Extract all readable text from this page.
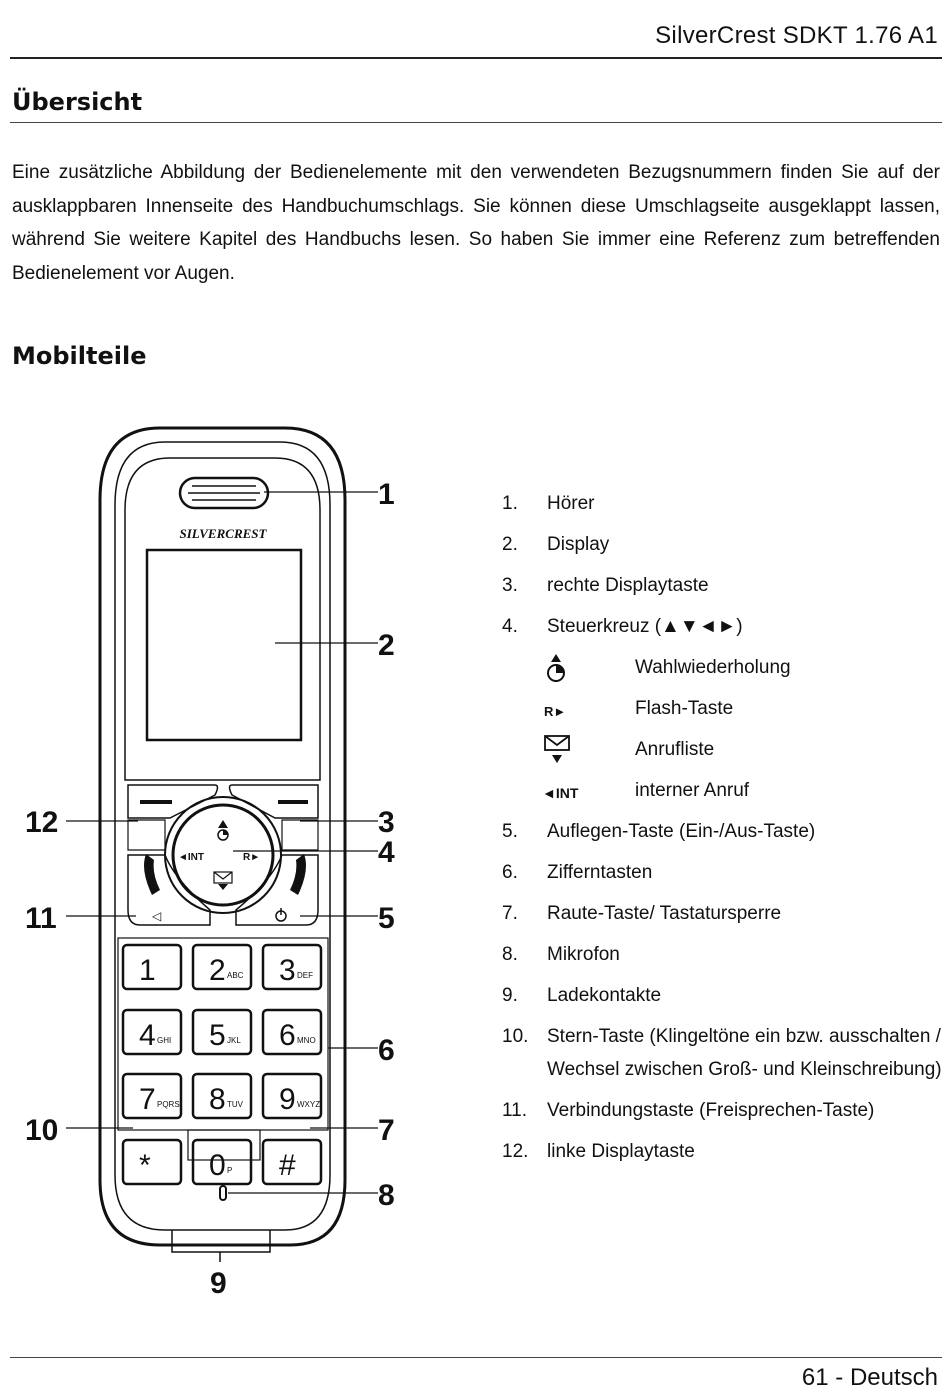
SilverCrest SDKT 1.76 A1
Übersicht
Eine zusätzliche Abbildung der Bedienelemente mit den verwendeten Bezugsnummern finden Sie auf der ausklappbaren Innenseite des Handbuchumschlags. Sie können diese Umschlagseite ausgeklappt lassen, während Sie weitere Kapitel des Handbuchs lesen. So haben Sie immer eine Referenz zum betreffenden Bedienelement vor Augen.
Mobilteile
SILVERCREST
◄INT	R►
◁
1 2 ABC 3 DEF
4 GHI 5 JKL 6 MNO
7 PQRS 8 TUV 9 WXYZ
* 0 P #
1
2
3
4
5
6
7
8
9
10
11
12
1. Hörer
2. Display
3. rechte Displaytaste
4. Steuerkreuz (▲▼◄►)
Wahlwiederholung
R►	Flash-Taste
Anrufliste
◄INT	interner Anruf
5. Auflegen-Taste (Ein-/Aus-Taste)
6. Zifferntasten
7. Raute-Taste/ Tastatursperre
8. Mikrofon
9. Ladekontakte
10. Stern-Taste (Klingeltöne ein bzw. ausschalten / Wechsel zwischen Groß- und Kleinschreibung)
11. Verbindungstaste (Freisprechen-Taste)
12. linke Displaytaste
61 - Deutsch
